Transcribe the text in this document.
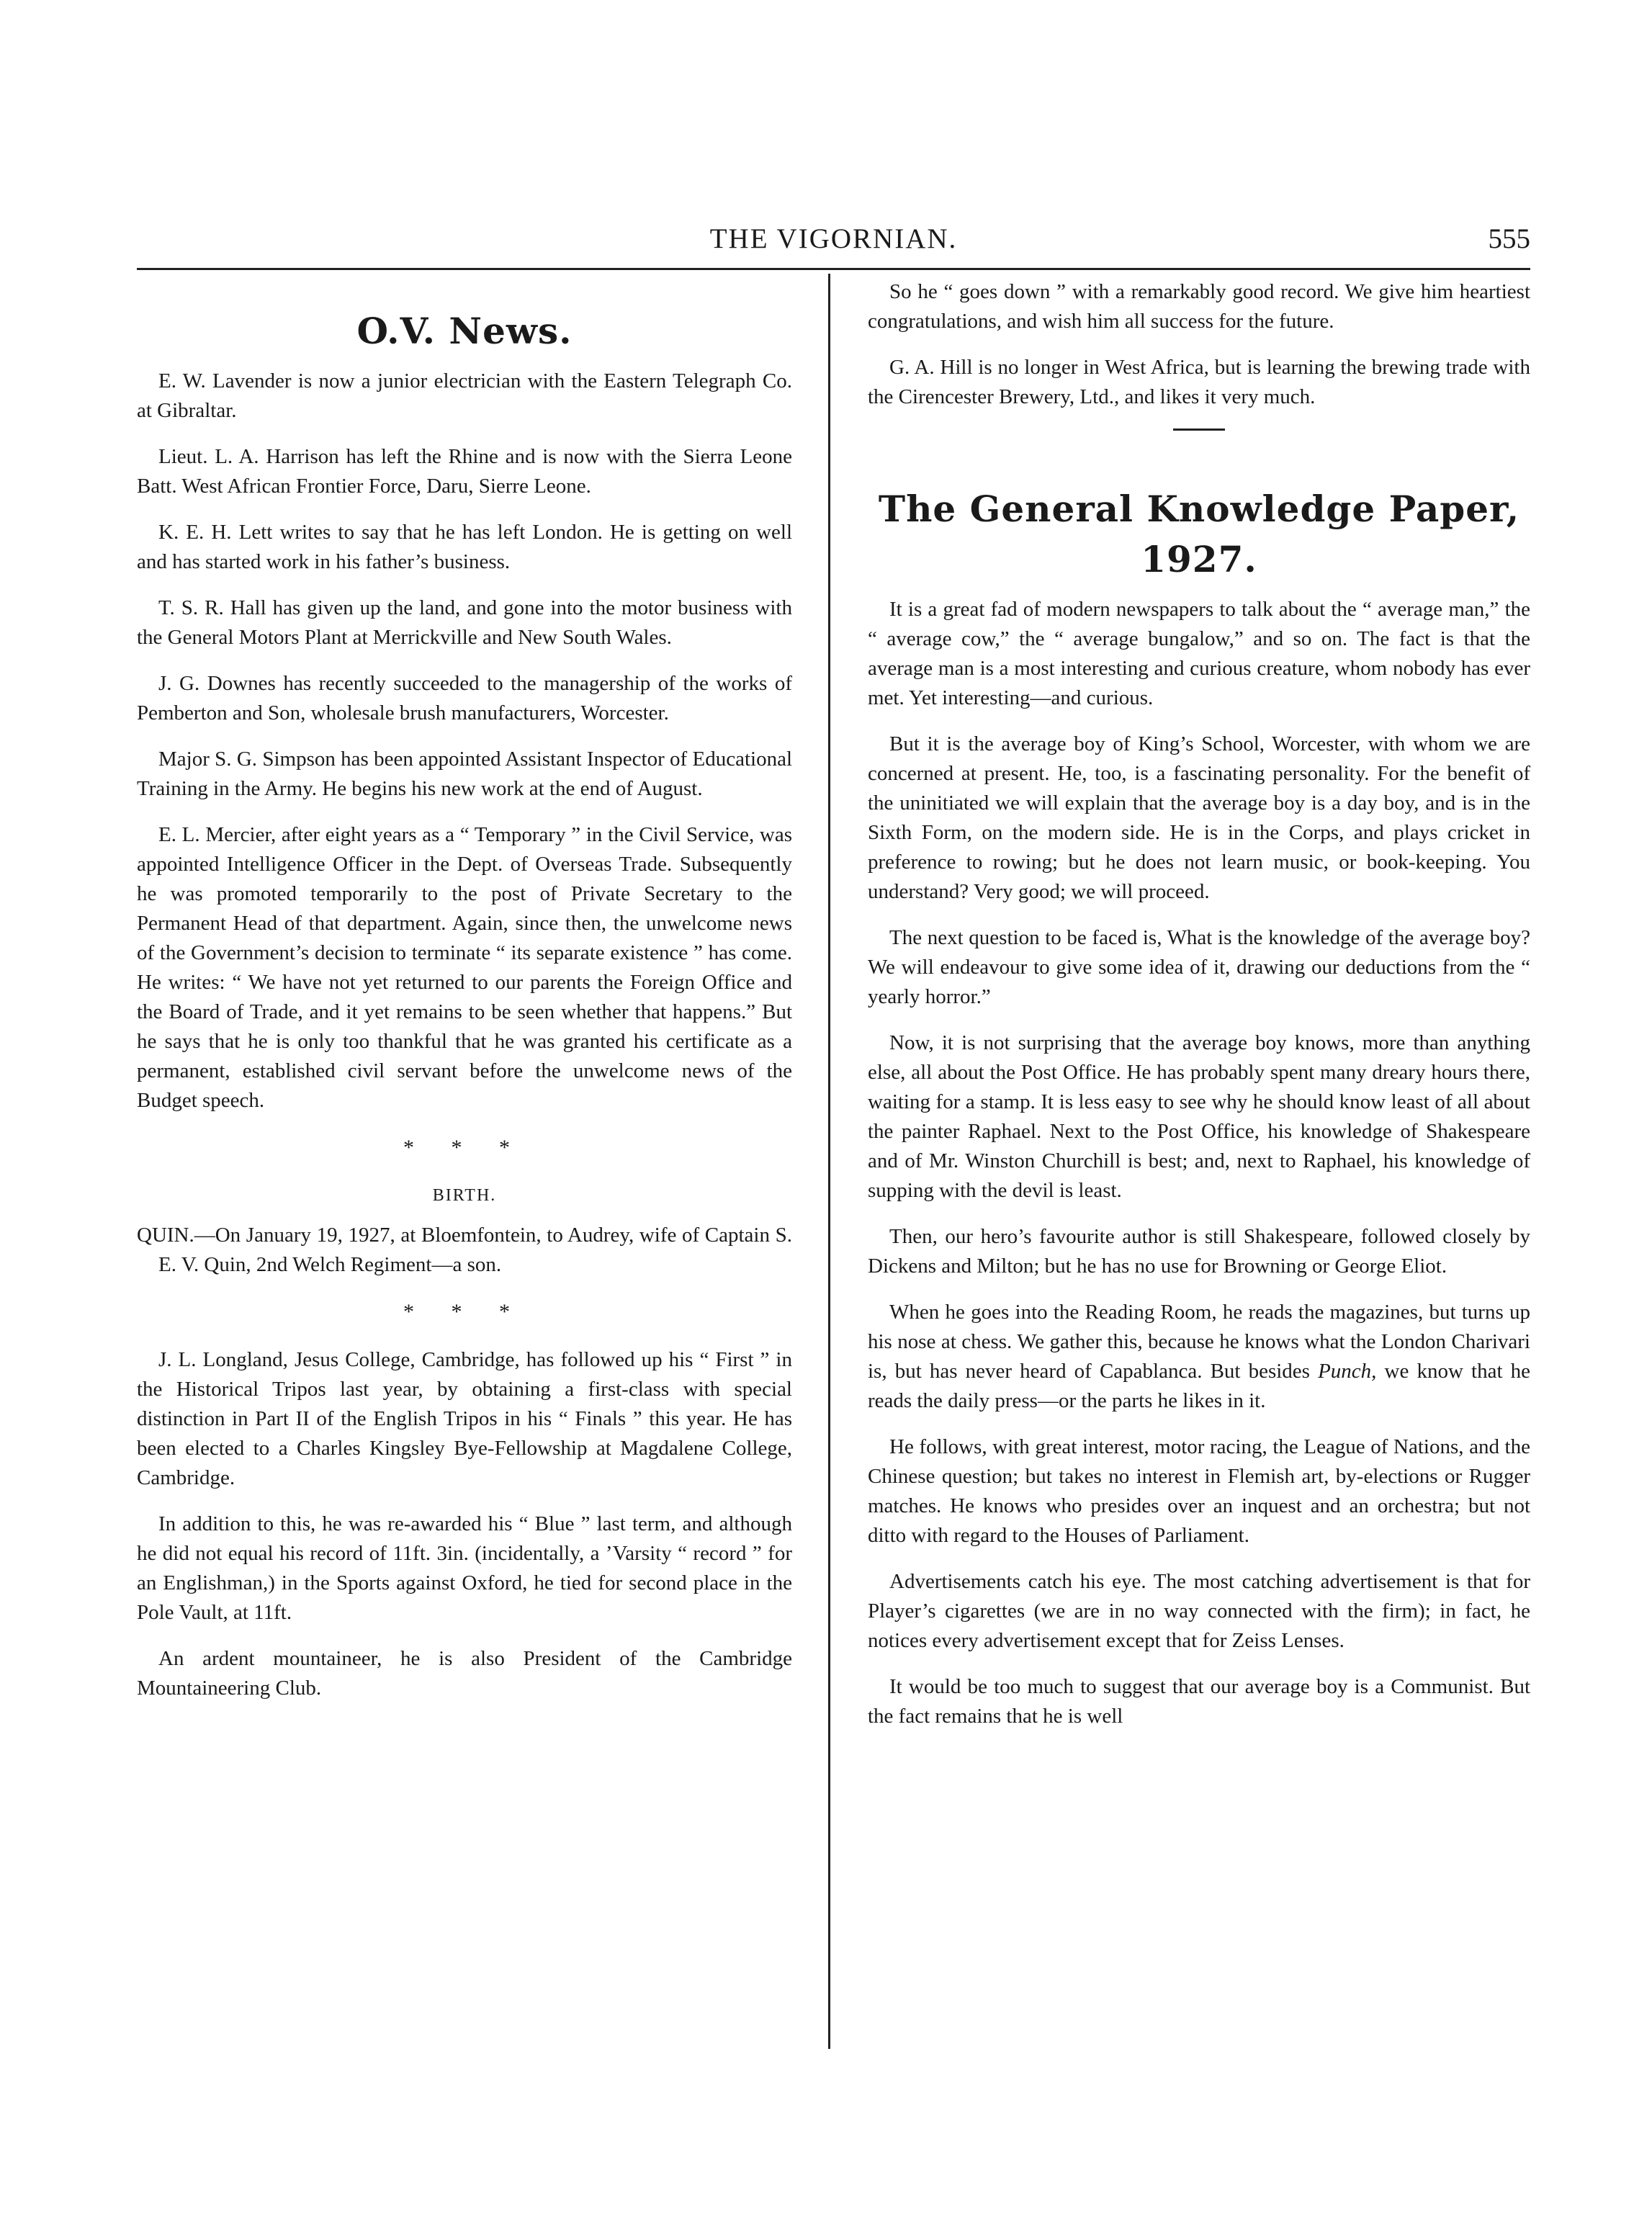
THE VIGORNIAN.	555
O.V. News.

E. W. Lavender is now a junior electrician with the Eastern Telegraph Co. at Gibraltar.

Lieut. L. A. Harrison has left the Rhine and is now with the Sierra Leone Batt. West African Frontier Force, Daru, Sierre Leone.

K. E. H. Lett writes to say that he has left London. He is getting on well and has started work in his father’s business.

T. S. R. Hall has given up the land, and gone into the motor business with the General Motors Plant at Merrickville and New South Wales.

J. G. Downes has recently succeeded to the managership of the works of Pemberton and Son, wholesale brush manufacturers, Worcester.

Major S. G. Simpson has been appointed Assistant Inspector of Educational Training in the Army. He begins his new work at the end of August.

E. L. Mercier, after eight years as a “ Temporary ” in the Civil Service, was appointed Intelligence Officer in the Dept. of Overseas Trade. Subsequently he was promoted temporarily to the post of Private Secretary to the Permanent Head of that department. Again, since then, the unwelcome news of the Government’s decision to terminate “ its separate existence ” has come. He writes: “ We have not yet returned to our parents the Foreign Office and the Board of Trade, and it yet remains to be seen whether that happens.” But he says that he is only too thankful that he was granted his certificate as a permanent, established civil servant before the unwelcome news of the Budget speech.

* * *
BIRTH.

QUIN.—On January 19, 1927, at Bloemfontein, to Audrey, wife of Captain S. E. V. Quin, 2nd Welch Regiment—a son.

* * *

J. L. Longland, Jesus College, Cambridge, has followed up his “ First ” in the Historical Tripos last year, by obtaining a first-class with special distinction in Part II of the English Tripos in his “ Finals ” this year. He has been elected to a Charles Kingsley Bye-Fellowship at Magdalene College, Cambridge.

In addition to this, he was re-awarded his “ Blue ” last term, and although he did not equal his record of 11ft. 3in. (incidentally, a ’Varsity “ record ” for an Englishman,) in the Sports against Oxford, he tied for second place in the Pole Vault, at 11ft.

An ardent mountaineer, he is also President of the Cambridge Mountaineering Club.

So he “ goes down ” with a remarkably good record. We give him heartiest congratulations, and wish him all success for the future.

G. A. Hill is no longer in West Africa, but is learning the brewing trade with the Cirencester Brewery, Ltd., and likes it very much.

The General Knowledge Paper, 1927.

It is a great fad of modern newspapers to talk about the “ average man,” the “ average cow,” the “ average bungalow,” and so on. The fact is that the average man is a most interesting and curious creature, whom nobody has ever met. Yet interesting—and curious.

But it is the average boy of King’s School, Worcester, with whom we are concerned at present. He, too, is a fascinating personality. For the benefit of the uninitiated we will explain that the average boy is a day boy, and is in the Sixth Form, on the modern side. He is in the Corps, and plays cricket in preference to rowing; but he does not learn music, or book-keeping. You understand? Very good; we will proceed.

The next question to be faced is, What is the knowledge of the average boy? We will endeavour to give some idea of it, drawing our deductions from the “ yearly horror.”

Now, it is not surprising that the average boy knows, more than anything else, all about the Post Office. He has probably spent many dreary hours there, waiting for a stamp. It is less easy to see why he should know least of all about the painter Raphael. Next to the Post Office, his knowledge of Shakespeare and of Mr. Winston Churchill is best; and, next to Raphael, his knowledge of supping with the devil is least.

Then, our hero’s favourite author is still Shakespeare, followed closely by Dickens and Milton; but he has no use for Browning or George Eliot.

When he goes into the Reading Room, he reads the magazines, but turns up his nose at chess. We gather this, because he knows what the London Charivari is, but has never heard of Capablanca. But besides Punch, we know that he reads the daily press—or the parts he likes in it.

He follows, with great interest, motor racing, the League of Nations, and the Chinese question; but takes no interest in Flemish art, by-elections or Rugger matches. He knows who presides over an inquest and an orchestra; but not ditto with regard to the Houses of Parliament.

Advertisements catch his eye. The most catching advertisement is that for Player’s cigarettes (we are in no way connected with the firm); in fact, he notices every advertisement except that for Zeiss Lenses.

It would be too much to suggest that our average boy is a Communist. But the fact remains that he is well
